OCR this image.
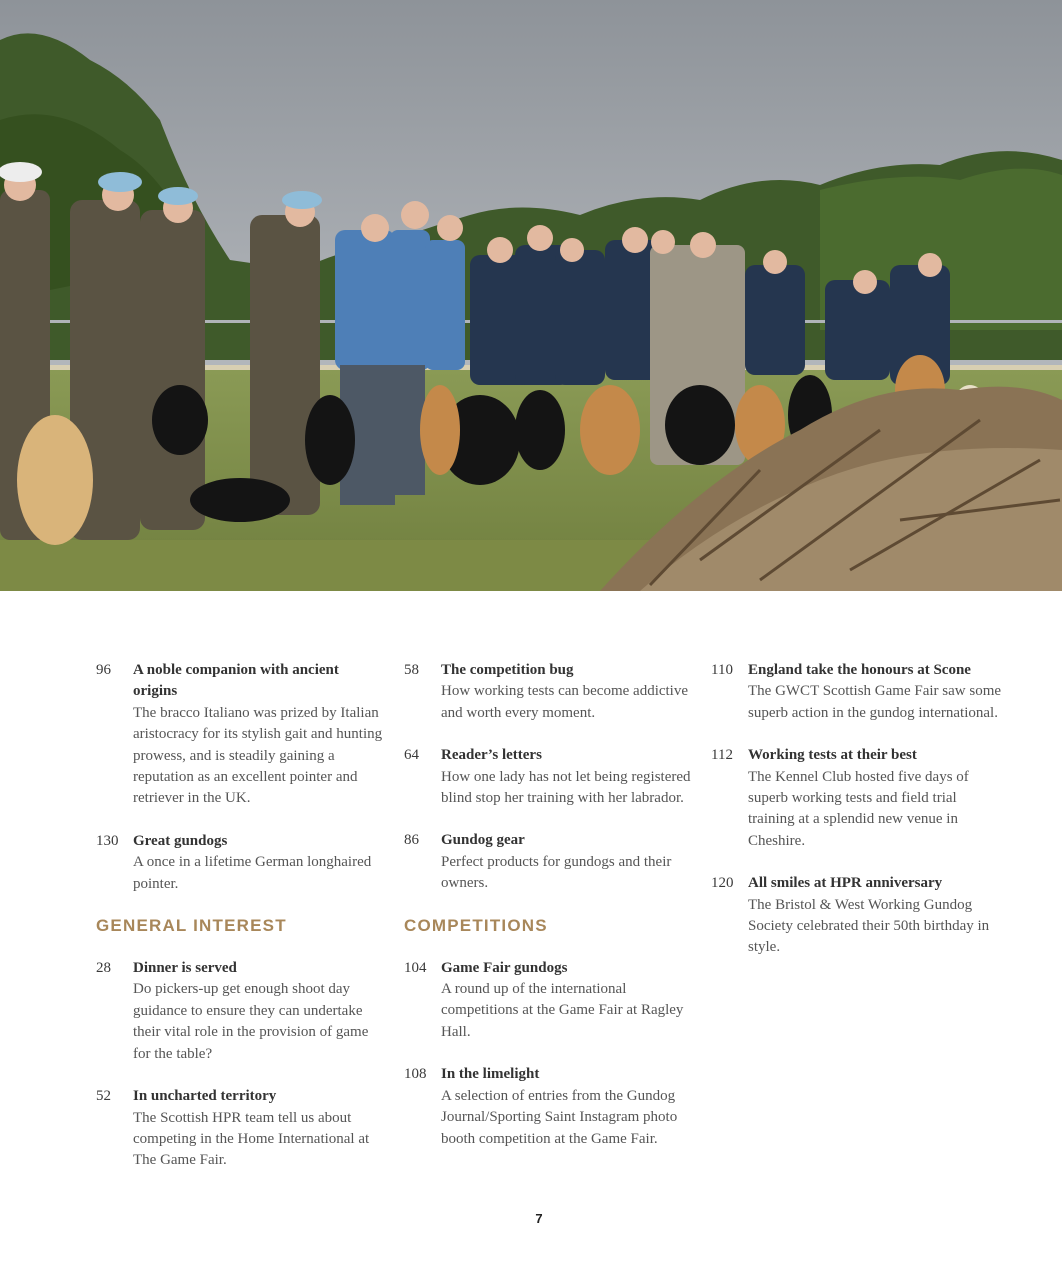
96	A noble companion with ancient origins
The bracco Italiano was prized by Italian aristocracy for its stylish gait and hunting prowess, and is steadily gaining a reputation as an excellent pointer and retriever in the UK.
130 Great gundogs
A once in a lifetime German longhaired pointer.
GENERAL INTEREST
28	Dinner is served
Do pickers-up get enough shoot day guidance to ensure they can undertake their vital role in the provision of game for the table?
52	In uncharted territory
The Scottish HPR team tell us about competing in the Home International at The Game Fair.
58	The competition bug
How working tests can become addictive and worth every moment.
64	Reader’s letters
How one lady has not let being registered blind stop her training with her labrador.
86	Gundog gear
Perfect products for gundogs and their owners.
COMPETITIONS
104 Game Fair gundogs
A round up of the international competitions at the Game Fair at Ragley Hall.
108 In the limelight
A selection of entries from the Gundog Journal/Sporting Saint Instagram photo booth competition at the Game Fair.
110	England take the honours at Scone
The GWCT Scottish Game Fair saw some superb action in the gundog international.
112	Working tests at their best
The Kennel Club hosted five days of superb working tests and field trial training at a splendid new venue in Cheshire.
120 All smiles at HPR anniversary
The Bristol & West Working Gundog Society celebrated their 50th birthday in style.
7
